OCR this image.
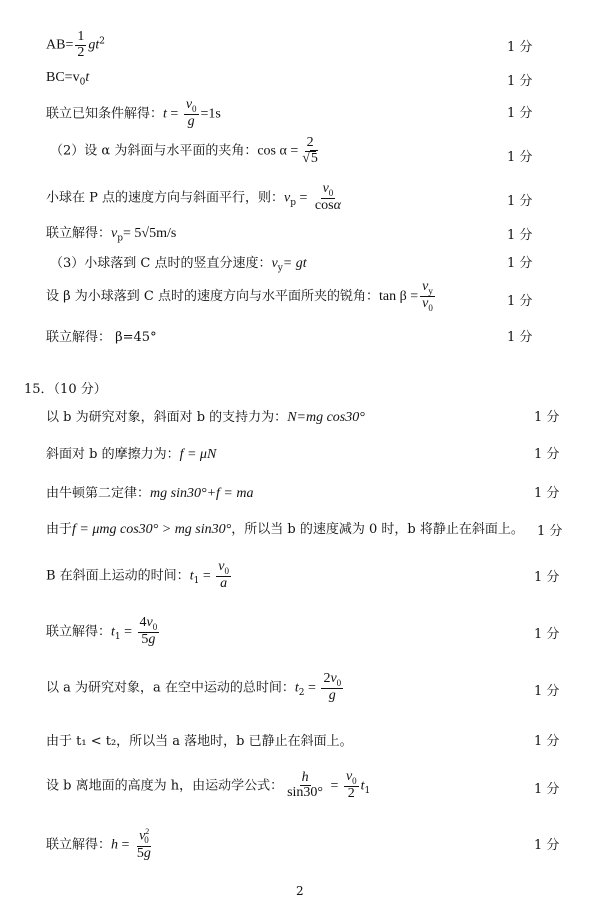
$AB= \frac{1}{2} gt^2$	1 分
$BC=v_0t$	1 分
联立已知条件解得：$t = \frac{v_0}{g} =1s$	1 分
（2）设 α 为斜面与水平面的夹角：$\cos \alpha = \frac{2}{√5}$	1 分
小球在 P 点的速度方向与斜面平行，则：$v_p = \frac{v_0}{\cos\alpha}$	1 分
联立解得：$v_p= 5√5m/s$	1 分
（3）小球落到 C 点时的竖直分速度：$v_y=$ gt	1 分
设 β 为小球落到 C 点时的速度方向与水平面所夹的锐角：$\tan \beta = \frac{v_y}{v_0}$	1 分
联立解得： β=45°	1 分
15．（10 分）
以 b 为研究对象，斜面对 b 的支持力为：N=mg cos30°	1 分
斜面对 b 的摩擦力为：f = μN	1 分
由牛顿第二定律：mg sin30°+f = ma	1 分
由于f = μmg cos30° > mg sin30°，所以当 b 的速度减为 0 时，b 将静止在斜面上。 1 分
B 在斜面上运动的时间：$t_1 = \frac{v_0}{a}$	1 分
联立解得：$t_1 = \frac{4v_0}{5g}$	1 分
以 a 为研究对象，a 在空中运动的总时间：$t_2 = \frac{2v_0}{g}$	1 分
由于 t₁ < t₂，所以当 a 落地时，b 已静止在斜面上。	1 分
设 b 离地面的高度为 h，由运动学公式： $\frac{h}{\sin 30^\circ} = \frac{v_0}{2} t_1$	1 分
联立解得：$h = \frac{v^2_0}{5g}$	1 分
2
